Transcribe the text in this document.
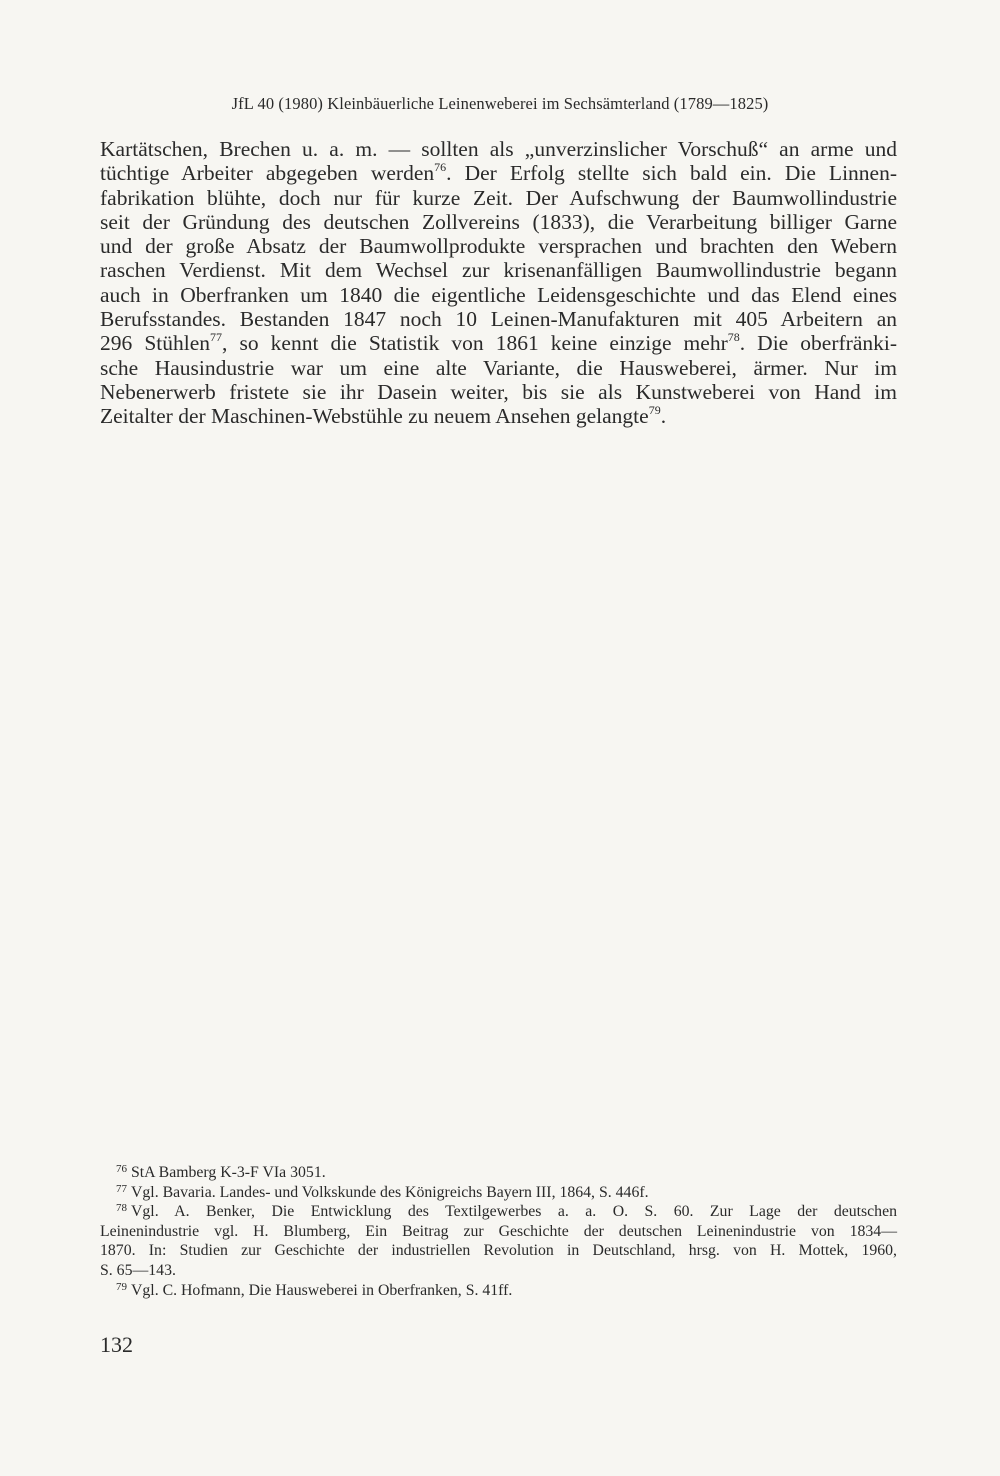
JfL 40 (1980) Kleinbäuerliche Leinenweberei im Sechsämterland (1789—1825)
Kartätschen, Brechen u. a. m. — sollten als „unverzinslicher Vorschuß“ an arme und
tüchtige Arbeiter abgegeben werden$^{76}$. Der Erfolg stellte sich bald ein. Die Linnen-
fabrikation blühte, doch nur für kurze Zeit. Der Aufschwung der Baumwollindustrie
seit der Gründung des deutschen Zollvereins (1833), die Verarbeitung billiger Garne
und der große Absatz der Baumwollprodukte versprachen und brachten den Webern
raschen Verdienst. Mit dem Wechsel zur krisenanfälligen Baumwollindustrie begann
auch in Oberfranken um 1840 die eigentliche Leidensgeschichte und das Elend eines
Berufsstandes. Bestanden 1847 noch 10 Leinen-Manufakturen mit 405 Arbeitern an
296 Stühlen$^{77}$, so kennt die Statistik von 1861 keine einzige mehr$^{78}$. Die oberfränki-
sche Hausindustrie war um eine alte Variante, die Hausweberei, ärmer. Nur im
Nebenerwerb fristete sie ihr Dasein weiter, bis sie als Kunstweberei von Hand im
Zeitalter der Maschinen-Webstühle zu neuem Ansehen gelangte$^{79}$.
$^{76}$ StA Bamberg K-3-F VIa 3051.
$^{77}$ Vgl. Bavaria. Landes- und Volkskunde des Königreichs Bayern III, 1864, S. 446f.
$^{78}$ Vgl. A. Benker, Die Entwicklung des Textilgewerbes a. a. O. S. 60. Zur Lage der deutschen
Leinenindustrie vgl. H. Blumberg, Ein Beitrag zur Geschichte der deutschen Leinenindustrie von 1834—
1870. In: Studien zur Geschichte der industriellen Revolution in Deutschland, hrsg. von H. Mottek, 1960,
S. 65—143.
$^{79}$ Vgl. C. Hofmann, Die Hausweberei in Oberfranken, S. 41ff.
132
